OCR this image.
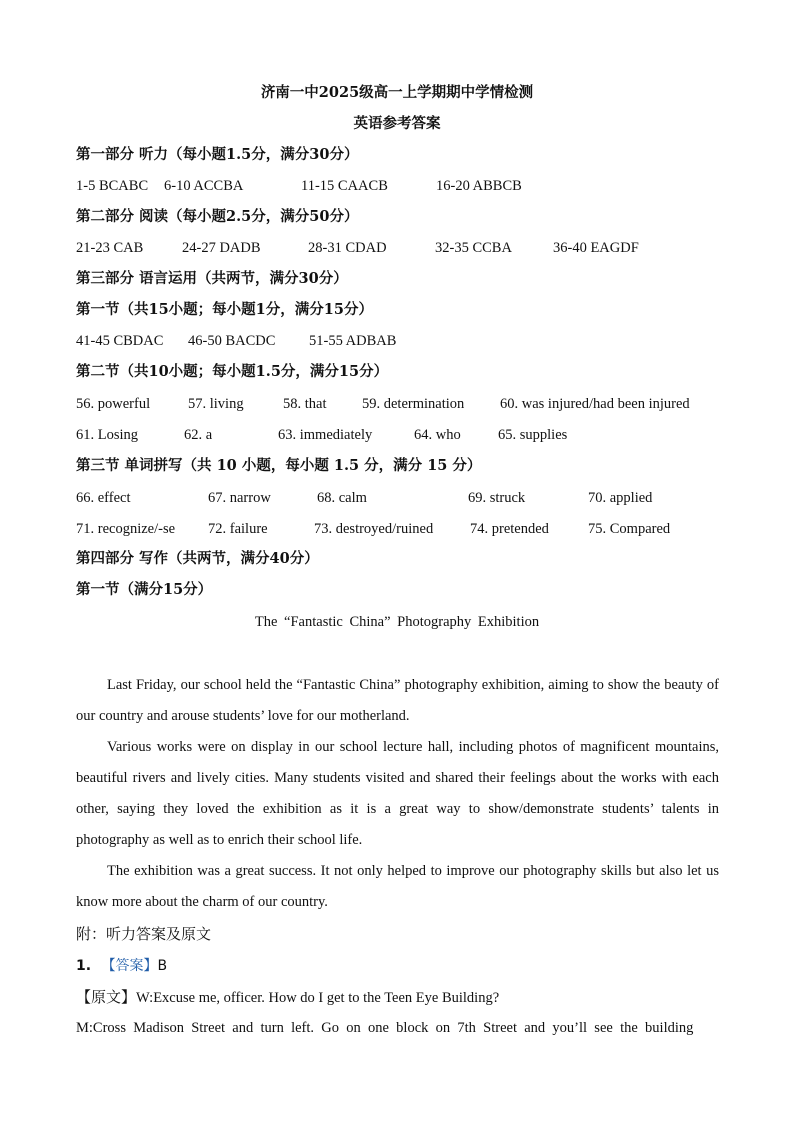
济南一中2025级高一上学期期中学情检测
英语参考答案
第一部分 听力（每小题1.5分，满分30分）
1-5 BCABC 6-10 ACCBA	11-15 CAACB	16-20 ABBCB
第二部分 阅读（每小题2.5分，满分50分）
21-23 CAB	24-27 DADB	28-31 CDAD	32-35 CCBA	36-40 EAGDF
第三部分 语言运用（共两节，满分30分）
第一节（共15小题；每小题1分，满分15分）
41-45 CBDAC 46-50 BACDC 51-55 ADBAB
第二节（共10小题；每小题1.5分，满分15分）
56. powerful	57. living	58. that 59. determination 60. was injured/had been injured
61. Losing	62. a	63. immediately	64. who	65. supplies
第三节 单词拼写（共 10 小题，每小题 1.5 分，满分 15 分）
66. effect	67. narrow	68. calm	69. struck	70. applied
71. recognize/-se 72. failure	73. destroyed/ruined	74. pretended	75. Compared
第四部分 写作（共两节，满分40分）
第一节（满分15分）
The “Fantastic China” Photography Exhibition

Last Friday, our school held the “Fantastic China” photography exhibition, aiming to show the beauty of our country and arouse students’ love for our motherland.

Various works were on display in our school lecture hall, including photos of magnificent mountains, beautiful rivers and lively cities. Many students visited and shared their feelings about the works with each other, saying they loved the exhibition as it is a great way to show/demonstrate students’ talents in photography as well as to enrich their school life.

The exhibition was a great success. It not only helped to improve our photography skills but also let us know more about the charm of our country.

附：听力答案及原文
1. 【答案】B
【原文】W:Excuse me, officer. How do I get to the Teen Eye Building?
M:Cross  Madison  Street  and  turn  left.  Go  on  one  block  on  7th  Street  and  you’ll  see  the  building
